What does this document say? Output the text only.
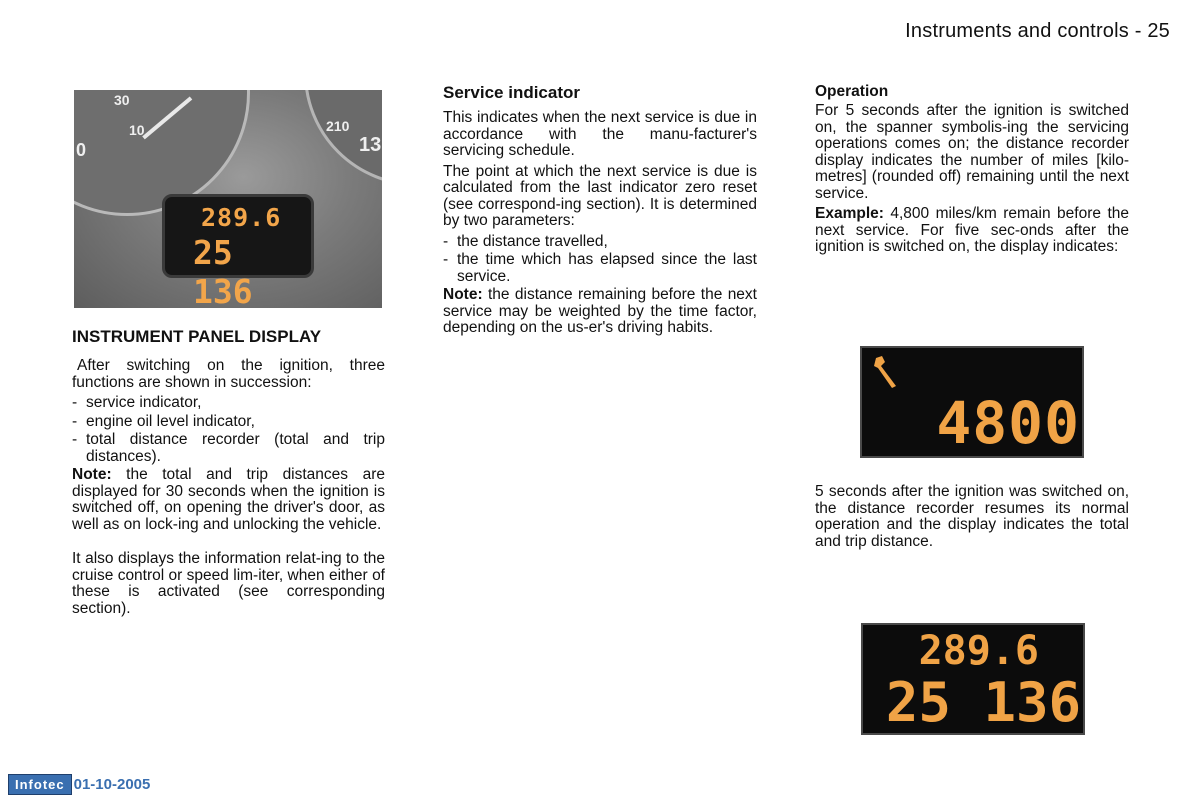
Instruments and controls - 25
30
10
0
210
13
289.6
25 136
INSTRUMENT PANEL DISPLAY

After switching on the ignition, three functions are shown in succession:

- service indicator,
- engine oil level indicator,
- total distance recorder (total and trip distances).

Note: the total and trip distances are displayed for 30 seconds when the ignition is switched off, on opening the driver's door, as well as on lock-ing and unlocking the vehicle.

It also displays the information relat-ing to the cruise control or speed lim-iter, when either of these is activated (see corresponding section).

Service indicator

This indicates when the next service is due in accordance with the manu-facturer's servicing schedule.

The point at which the next service is due is calculated from the last indicator zero reset (see correspond-ing section). It is determined by two parameters:

- the distance travelled,
- the time which has elapsed since the last service.

Note: the distance remaining before the next service may be weighted by the time factor, depending on the us-er's driving habits.

Operation

For 5 seconds after the ignition is switched on, the spanner symbolis-ing the servicing operations comes on; the distance recorder display indicates the number of miles [kilo-metres] (rounded off) remaining until the next service.

Example: 4,800 miles/km remain before the next service. For five sec-onds after the ignition is switched on, the display indicates:

4800

5 seconds after the ignition was switched on, the distance recorder resumes its normal operation and the display indicates the total and trip distance.

289.6
25 136
Infotec 01-10-2005
